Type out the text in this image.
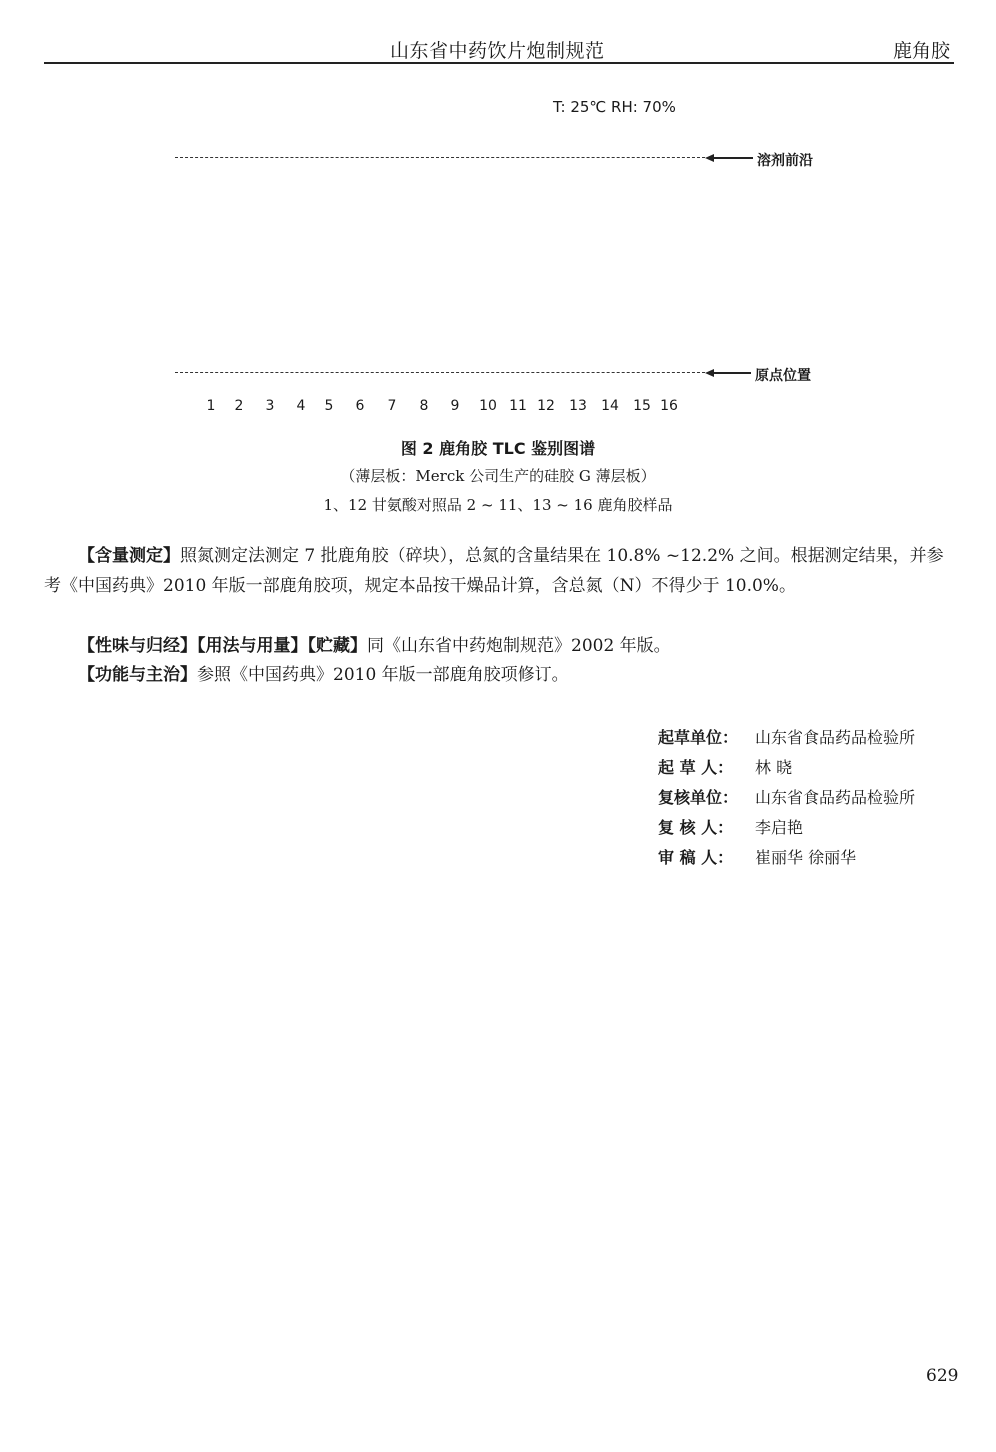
山东省中药饮片炮制规范	鹿角胶
T: 25℃ RH: 70%
溶剂前沿
原点位置
1	2	3	4	5	6	7	8	9	10 11 12 13 14 15 16
图 2 鹿角胶 TLC 鉴别图谱
（薄层板：Merck 公司生产的硅胶 G 薄层板）
1、12 甘氨酸对照品 2 ~ 11、13 ~ 16 鹿角胶样品
【含量测定】照氮测定法测定 7 批鹿角胶（碎块），总氮的含量结果在 10.8% ~12.2% 之间。根据测定结果，并参考《中国药典》2010 年版一部鹿角胶项，规定本品按干燥品计算，含总氮（N）不得少于 10.0%。
【性味与归经】【用法与用量】【贮藏】同《山东省中药炮制规范》2002 年版。
【功能与主治】参照《中国药典》2010 年版一部鹿角胶项修订。
起草单位： 山东省食品药品检验所
起 草 人： 林 晓
复核单位： 山东省食品药品检验所
复 核 人： 李启艳
审 稿 人： 崔丽华 徐丽华
629
